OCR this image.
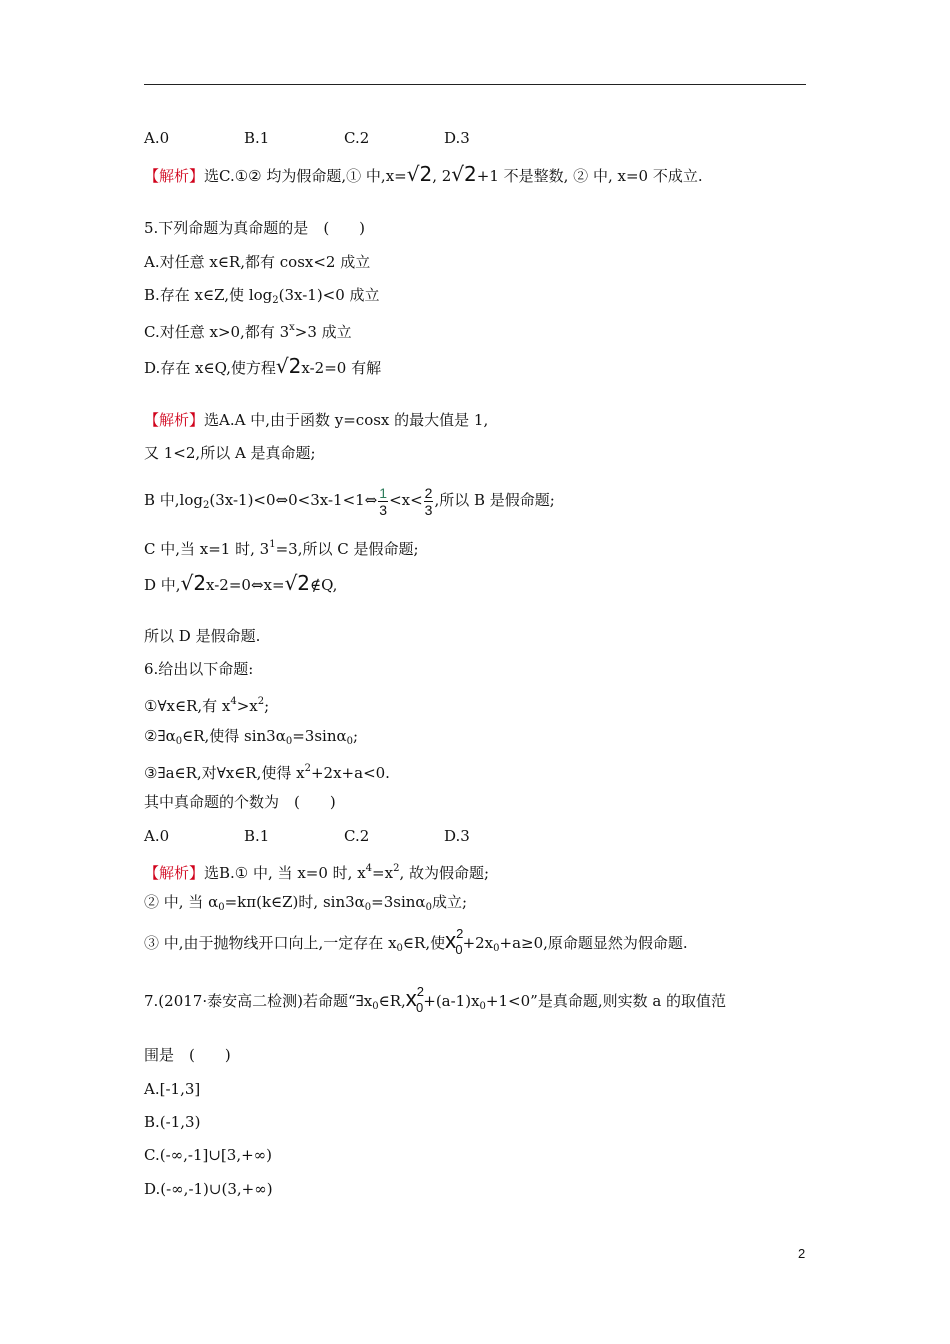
A.0	B.1	C.2	D.3
【解析】选C.①② 均为假命题,① 中,x=√2, 2√2+1 不是整数, ② 中, x=0 不成立.
5.下列命题为真命题的是　(　　)
A.对任意 x∈R,都有 cosx<2 成立
B.存在 x∈Z,使 $\log_2(3x-1)<0$ 成立
C.对任意 x>0,都有 $3^x>3$ 成立
D.存在 x∈Q,使方程√2x-2=0 有解
【解析】选A.A 中,由于函数 y=cosx 的最大值是 1,
又 1<2,所以 A 是真命题;
B 中$,\log_2(3x-1)<0\Leftrightarrow 0<3x-1<1\Leftrightarrow \frac{1}{3} <x< \frac{2}{3}$ ,所以 B 是假命题;
C 中,当 x=1 时, $3^1=3$,所以 C 是假命题;
D 中,√2x-2=0⇔x=√2∉Q,
所以 D 是假命题.
6.给出以下命题:
①∀x∈R,有 $x^4>x^2$;
$②\exists\alpha_0\in R$,使得 $\sin 3\alpha_0=3\sin\alpha_0$;
③∃a∈R,对∀x∈R,使得 $x^2+2x+a<0$.
其中真命题的个数为　(　　)
A.0	B.1	C.2	D.3
【解析】选B.① 中, 当 x=0 时, $x^4=x^2$, 故为假命题;
② 中, 当 $\alpha_0=k\pi(k\in Z)$时, $\sin 3\alpha_0=3\sin\alpha_0$成立;
③ 中,由于抛物线开口向上,一定存在 $x_0\in R$,使$x^2_0+2x_0+a\ge 0$,原命题显然为假命题.
7.(2017·泰安高二检测)若命题“$\exists x_0\in R,x^2_0+(a-1)x_0+1<0$”是真命题,则实数 a 的取值范
围是　(　　)
A.[-1,3]
B.(-1,3)
C.(-∞,-1]∪[3,+∞)
D.(-∞,-1)∪(3,+∞)
2
